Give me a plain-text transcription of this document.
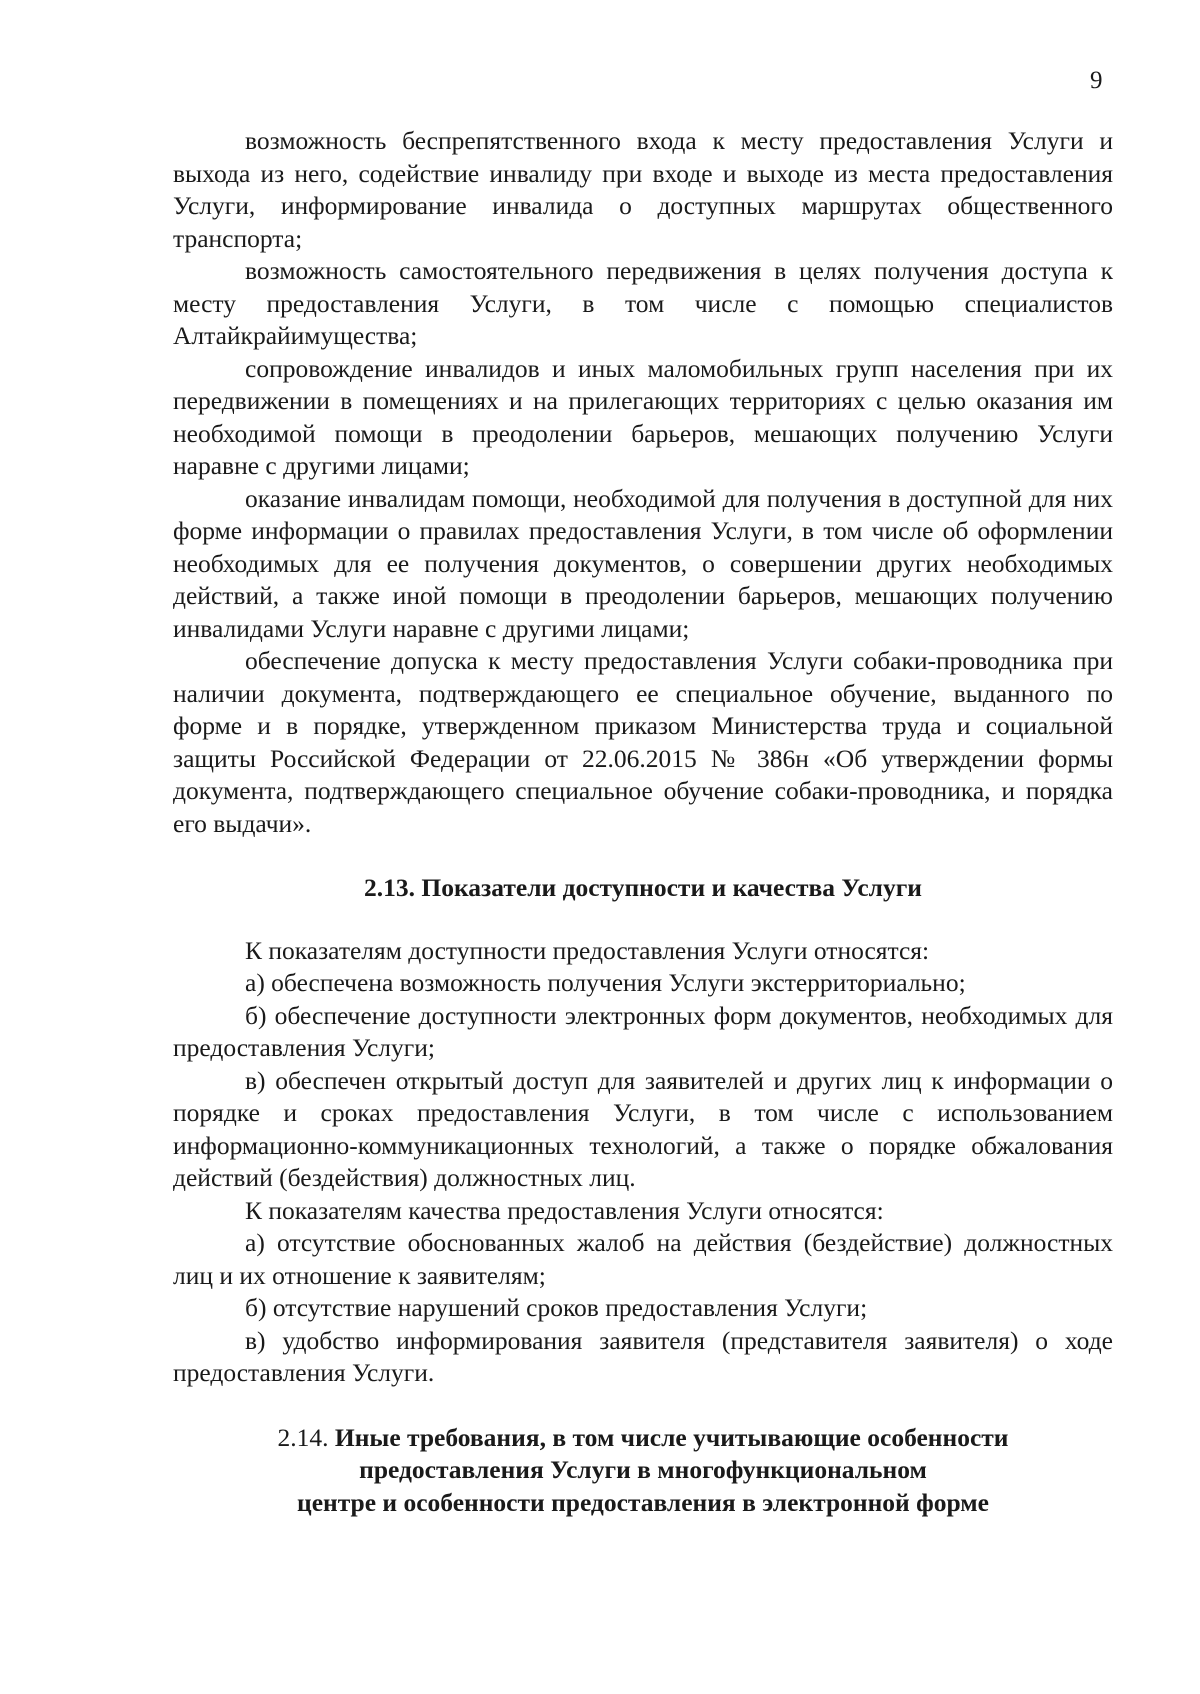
9

возможность беспрепятственного входа к месту предоставления Услуги и выхода из него, содействие инвалиду при входе и выходе из места предоставления Услуги, информирование инвалида о доступных маршрутах общественного транспорта;

возможность самостоятельного передвижения в целях получения доступа к месту предоставления Услуги, в том числе с помощью специалистов Алтайкрайимущества;

сопровождение инвалидов и иных маломобильных групп населения при их передвижении в помещениях и на прилегающих территориях с целью оказания им необходимой помощи в преодолении барьеров, мешающих получению Услуги наравне с другими лицами;

оказание инвалидам помощи, необходимой для получения в доступной для них форме информации о правилах предоставления Услуги, в том числе об оформлении необходимых для ее получения документов, о совершении других необходимых действий, а также иной помощи в преодолении барьеров, мешающих получению инвалидами Услуги наравне с другими лицами;

обеспечение допуска к месту предоставления Услуги собаки-проводника при наличии документа, подтверждающего ее специальное обучение, выданного по форме и в порядке, утвержденном приказом Министерства труда и социальной защиты Российской Федерации от 22.06.2015 № 386н «Об утверждении формы документа, подтверждающего специальное обучение собаки-проводника, и порядка его выдачи».

2.13. Показатели доступности и качества Услуги

К показателям доступности предоставления Услуги относятся:

а) обеспечена возможность получения Услуги экстерриториально;

б) обеспечение доступности электронных форм документов, необходимых для предоставления Услуги;

в) обеспечен открытый доступ для заявителей и других лиц к информации о порядке и сроках предоставления Услуги, в том числе с использованием информационно-коммуникационных технологий, а также о порядке обжалования действий (бездействия) должностных лиц.

К показателям качества предоставления Услуги относятся:

а) отсутствие обоснованных жалоб на действия (бездействие) должностных лиц и их отношение к заявителям;

б) отсутствие нарушений сроков предоставления Услуги;

в) удобство информирования заявителя (представителя заявителя) о ходе предоставления Услуги.

2.14. Иные требования, в том числе учитывающие особенности

предоставления Услуги в многофункциональном

центре и особенности предоставления в электронной форме
